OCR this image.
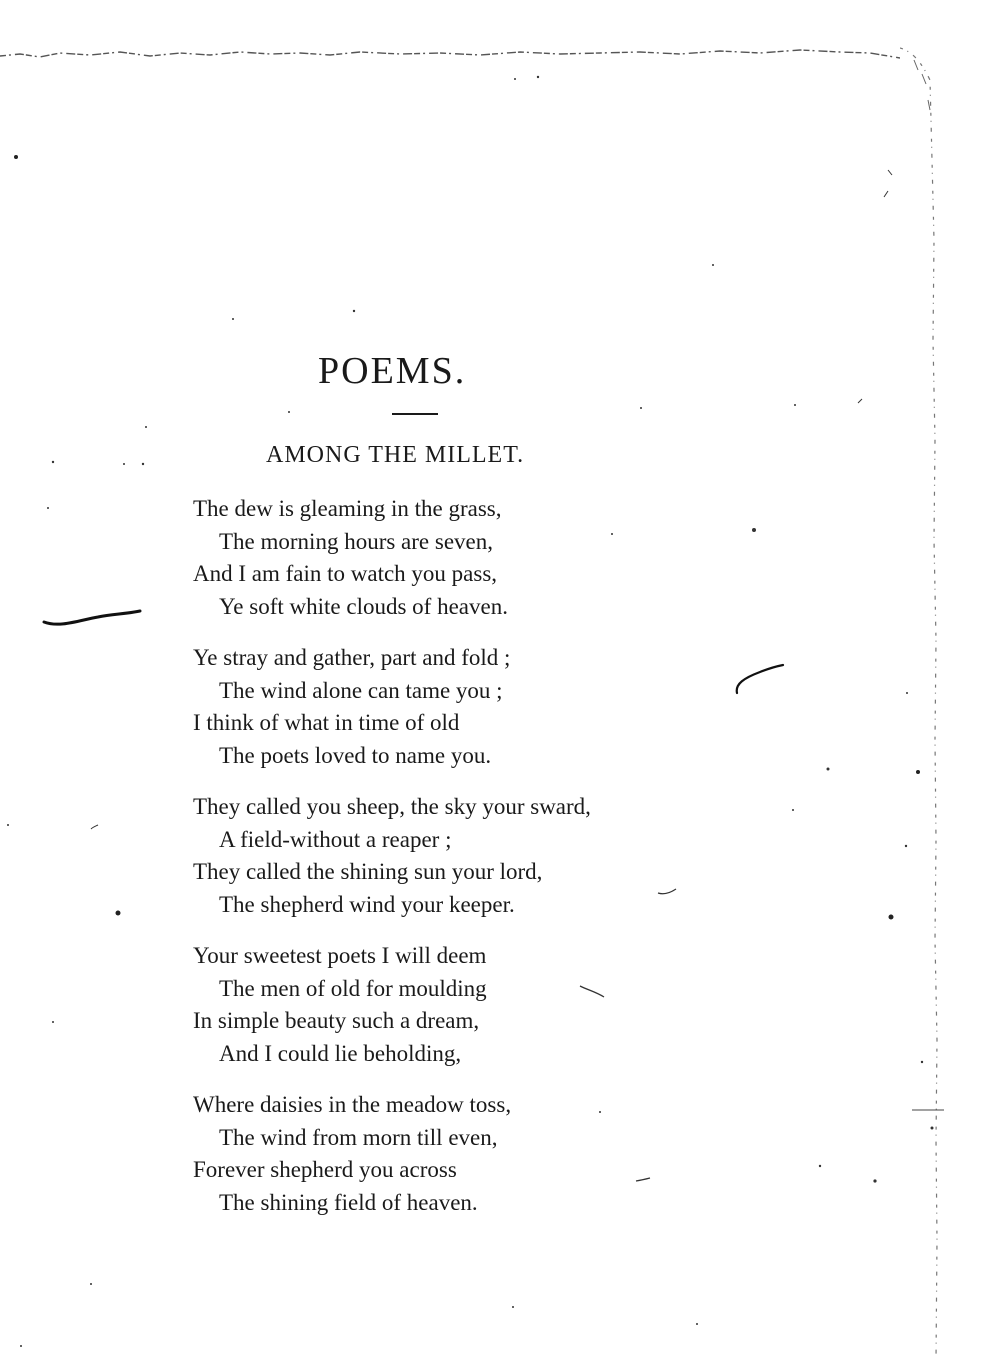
POEMS.
AMONG THE MILLET.
The dew is gleaming in the grass,
The morning hours are seven,
And I am fain to watch you pass,
Ye soft white clouds of heaven.
Ye stray and gather, part and fold ;
The wind alone can tame you ;
I think of what in time of old
The poets loved to name you.
They called you sheep, the sky your sward,
A field-without a reaper ;
They called the shining sun your lord,
The shepherd wind your keeper.
Your sweetest poets I will deem
The men of old for moulding
In simple beauty such a dream,
And I could lie beholding,
Where daisies in the meadow toss,
The wind from morn till even,
Forever shepherd you across
The shining field of heaven.
